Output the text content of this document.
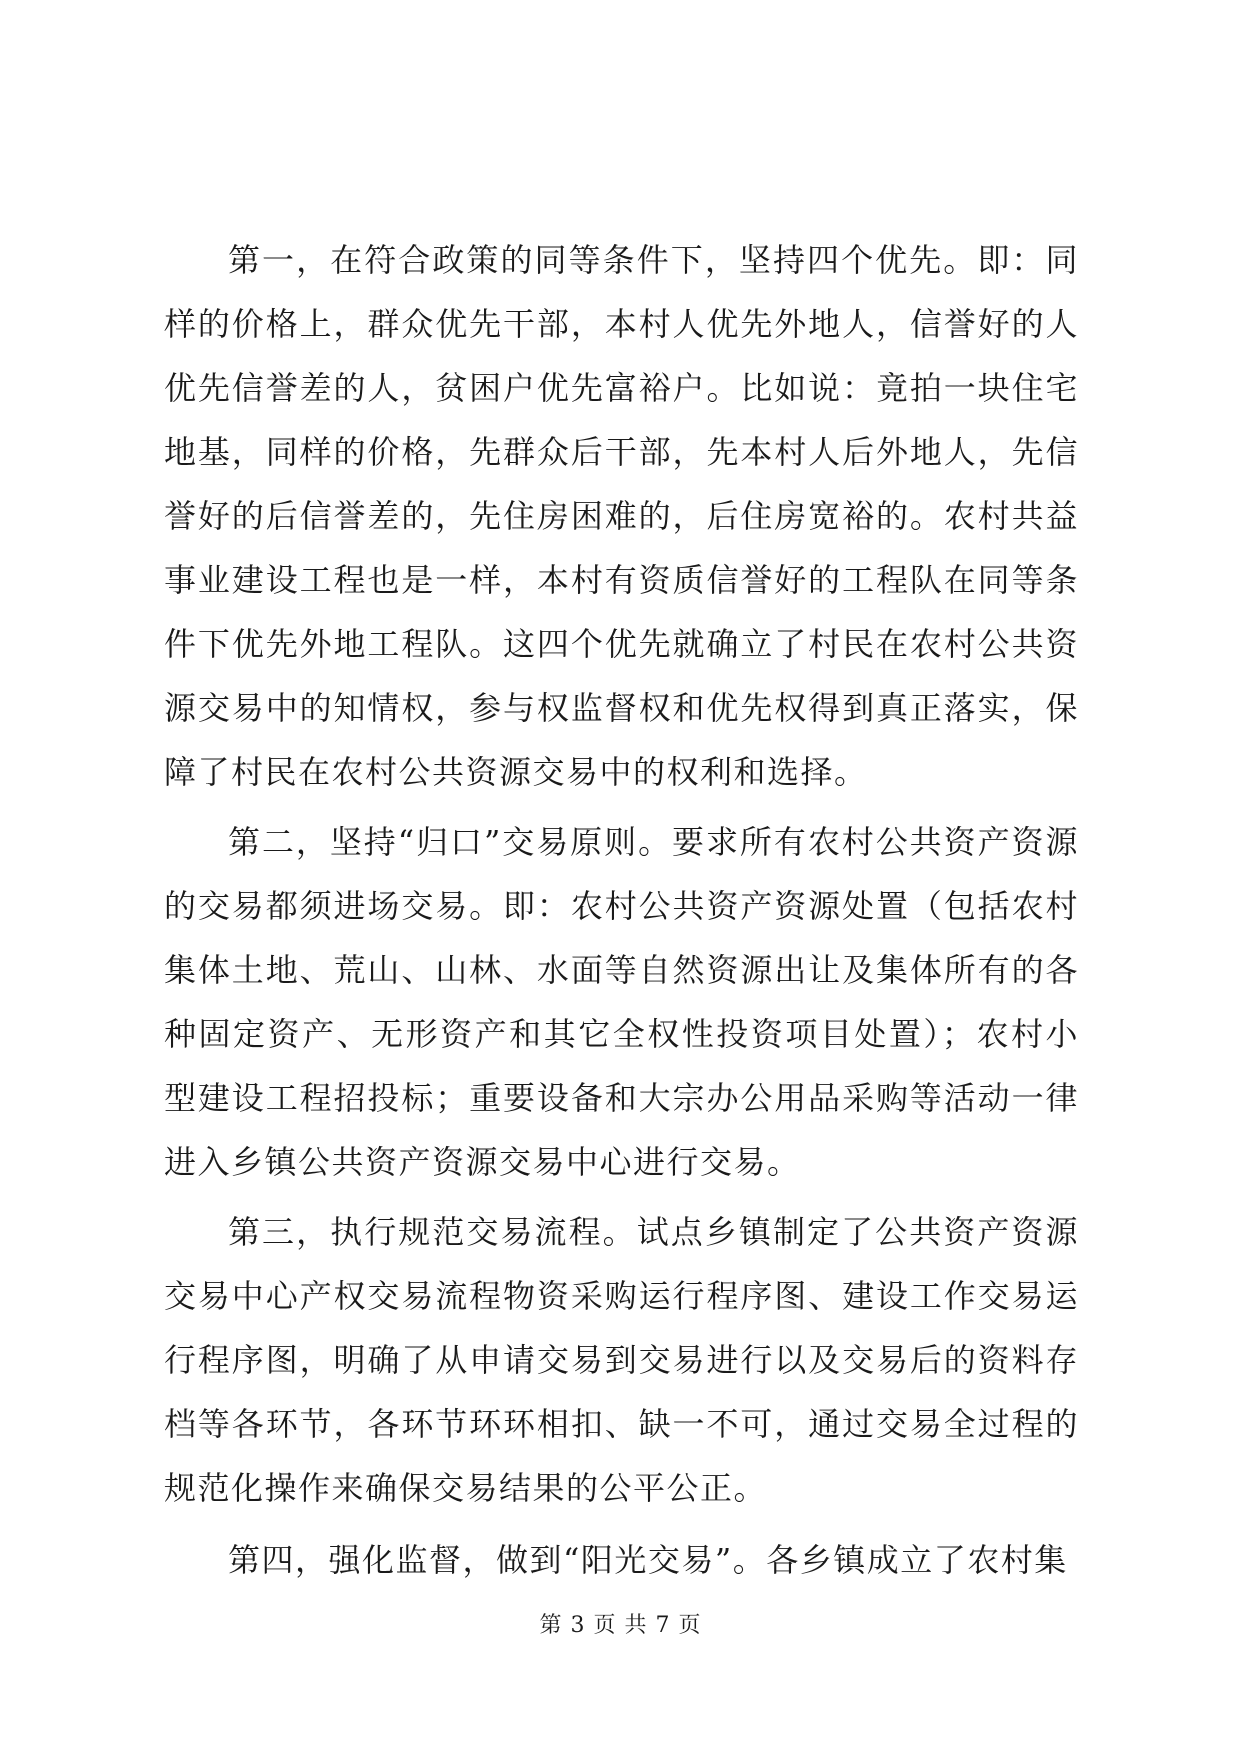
第一，在符合政策的同等条件下，坚持四个优先。即：同样的价格上，群众优先干部，本村人优先外地人，信誉好的人优先信誉差的人，贫困户优先富裕户。比如说：竟拍一块住宅地基，同样的价格，先群众后干部，先本村人后外地人，先信誉好的后信誉差的，先住房困难的，后住房宽裕的。农村共益事业建设工程也是一样，本村有资质信誉好的工程队在同等条件下优先外地工程队。这四个优先就确立了村民在农村公共资源交易中的知情权，参与权监督权和优先权得到真正落实，保障了村民在农村公共资源交易中的权利和选择。

第二，坚持“归口”交易原则。要求所有农村公共资产资源的交易都须进场交易。即：农村公共资产资源处置（包括农村集体土地、荒山、山林、水面等自然资源出让及集体所有的各种固定资产、无形资产和其它全权性投资项目处置）；农村小型建设工程招投标；重要设备和大宗办公用品采购等活动一律进入乡镇公共资产资源交易中心进行交易。

第三，执行规范交易流程。试点乡镇制定了公共资产资源交易中心产权交易流程物资采购运行程序图、建设工作交易运行程序图，明确了从申请交易到交易进行以及交易后的资料存档等各环节，各环节环环相扣、缺一不可，通过交易全过程的规范化操作来确保交易结果的公平公正。

第四，强化监督，做到“阳光交易”。各乡镇成立了农村集

第 3 页 共 7 页
